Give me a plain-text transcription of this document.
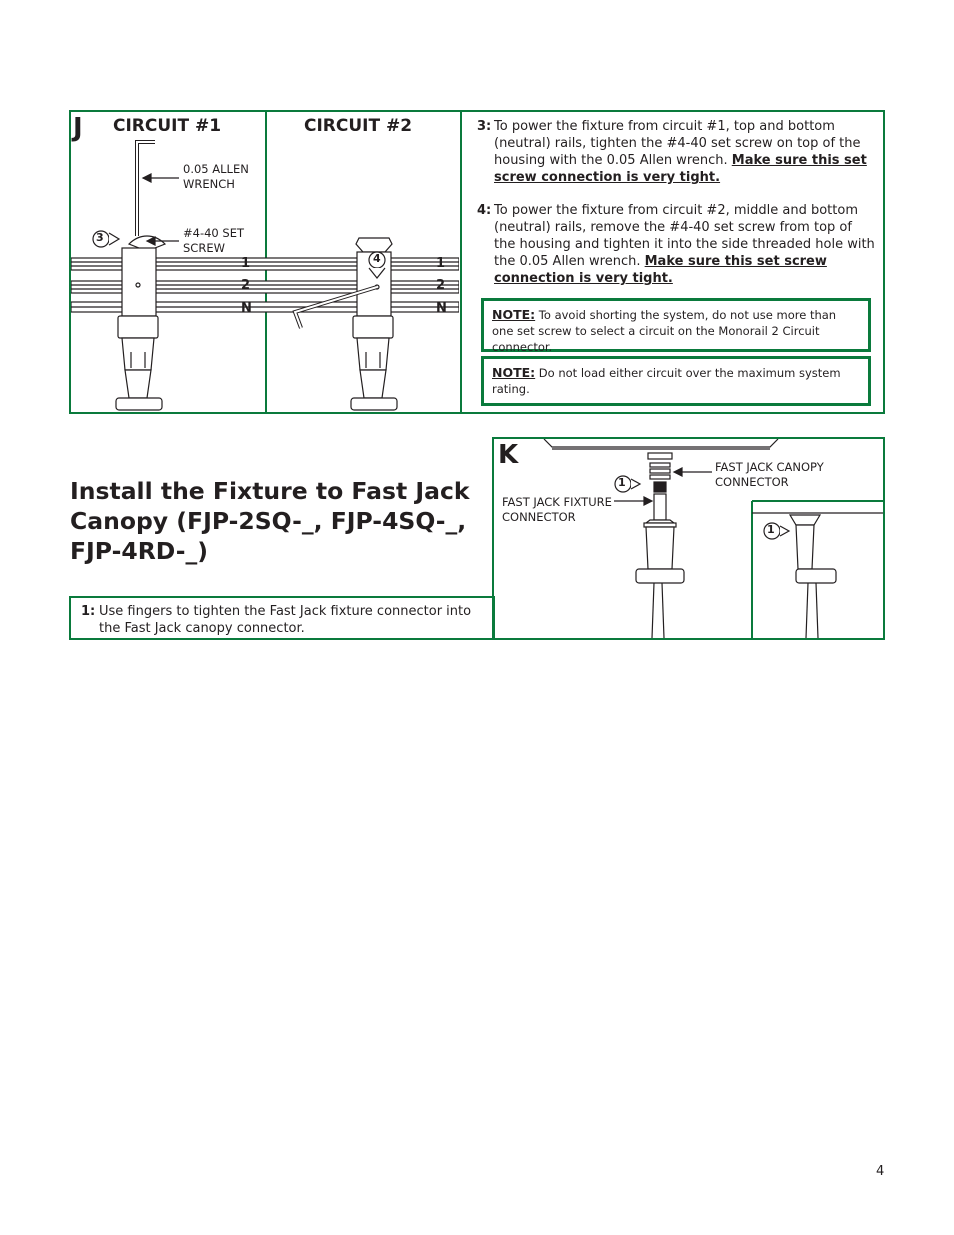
J CIRCUIT #1	CIRCUIT #2
0.05 ALLEN
WRENCH
#4-40 SET
SCREW
3
4
1
2
N
1
2
N
3: To power the fixture from circuit #1, top and bottom (neutral) rails, tighten the #4-40 set screw on top of the housing with the 0.05 Allen wrench. Make sure this set screw connection is very tight.
4: To power the fixture from circuit #2, middle and bottom (neutral) rails, remove the #4-40 set screw from top of the housing and tighten it into the side threaded hole with the 0.05 Allen wrench. Make sure this set screw connection is very tight.
NOTE: To avoid shorting the system, do not use more than one set screw to select a circuit on the Monorail 2 Circuit connector.
NOTE: Do not load either circuit over the maximum system rating.
Install the Fixture to Fast Jack Canopy (FJP-2SQ-_, FJP-4SQ-_, FJP-4RD-_)
1: Use fingers to tighten the Fast Jack fixture connector into the Fast Jack canopy connector.
K	FAST JACK CANOPY
CONNECTOR
FAST JACK FIXTURE
CONNECTOR
1
1
4
